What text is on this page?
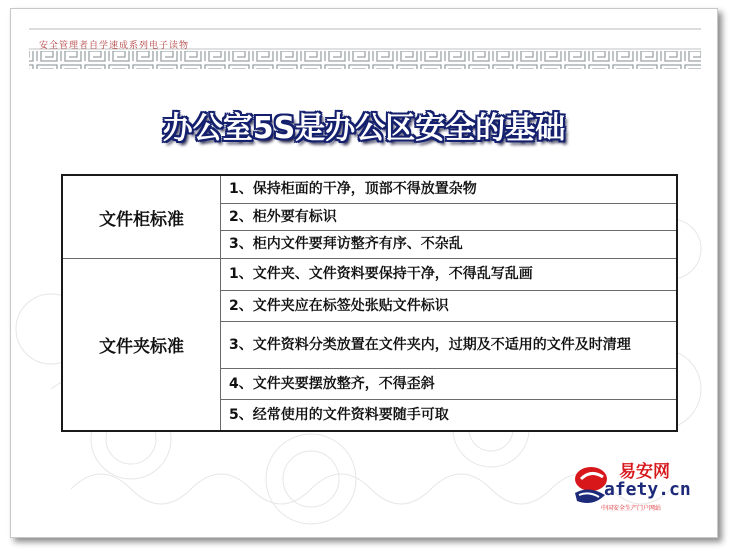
安全管理者自学速成系列电子读物
办公室5S是办公区安全的基础
文件柜标准
1、保持柜面的干净，顶部不得放置杂物
2、柜外要有标识
3、柜内文件要拜访整齐有序、不杂乱
文件夹标准
1、文件夹、文件资料要保持干净，不得乱写乱画
2、文件夹应在标签处张贴文件标识
3、文件资料分类放置在文件夹内，过期及不适用的文件及时清理
4、文件夹要摆放整齐，不得歪斜
5、经常使用的文件资料要随手可取
易安网
afety.cn
中国安全生产门户网站
